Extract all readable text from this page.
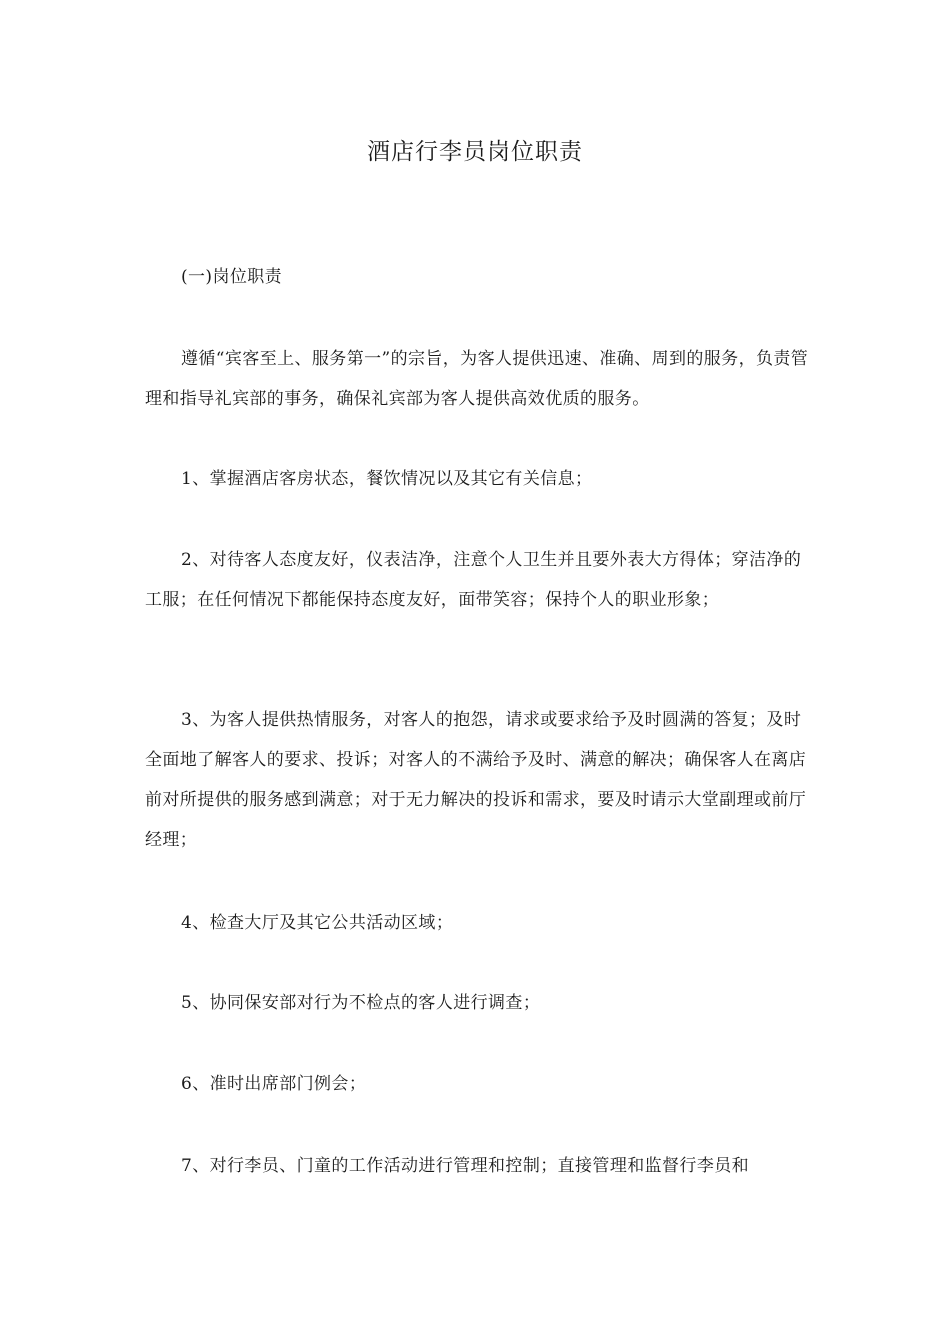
酒店行李员岗位职责

(一)岗位职责

遵循“宾客至上、服务第一”的宗旨，为客人提供迅速、准确、周到的服务，负责管理和指导礼宾部的事务，确保礼宾部为客人提供高效优质的服务。

1、掌握酒店客房状态，餐饮情况以及其它有关信息；

2、对待客人态度友好，仪表洁净，注意个人卫生并且要外表大方得体；穿洁净的工服；在任何情况下都能保持态度友好，面带笑容；保持个人的职业形象；

3、为客人提供热情服务，对客人的抱怨，请求或要求给予及时圆满的答复；及时全面地了解客人的要求、投诉；对客人的不满给予及时、满意的解决；确保客人在离店前对所提供的服务感到满意；对于无力解决的投诉和需求，要及时请示大堂副理或前厅经理；

4、检查大厅及其它公共活动区域；

5、协同保安部对行为不检点的客人进行调查；

6、准时出席部门例会；

7、对行李员、门童的工作活动进行管理和控制；直接管理和监督行李员和
